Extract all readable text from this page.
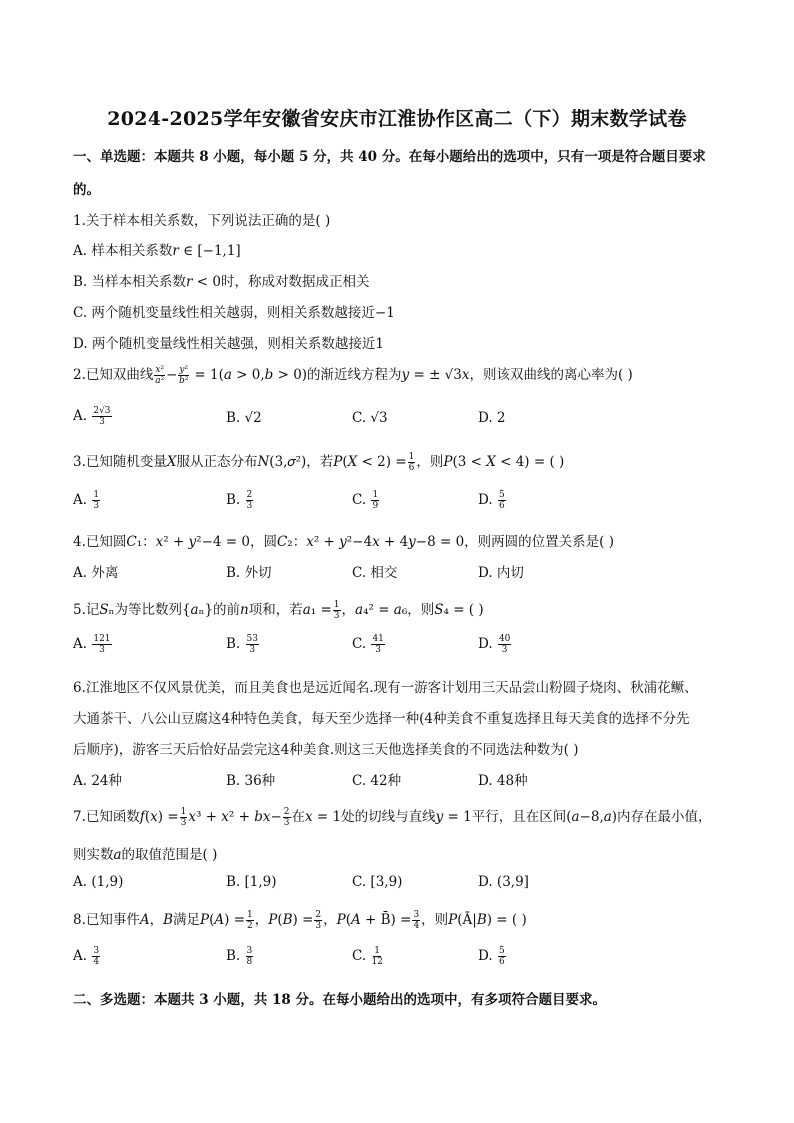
2024-2025学年安徽省安庆市江淮协作区高二（下）期末数学试卷
一、单选题：本题共 8 小题，每小题 5 分，共 40 分。在每小题给出的选项中，只有一项是符合题目要求
的。
1.关于样本相关系数，下列说法正确的是( )
A. 样本相关系数𝑟 ∈ [−1,1]
B. 当样本相关系数𝑟 < 0时，称成对数据成正相关
C. 两个随机变量线性相关越弱，则相关系数越接近−1
D. 两个随机变量线性相关越强，则相关系数越接近1
2.已知双曲线 $\frac{\text{𝑥²}}{\text{𝑎²}} - \frac{\text{𝑦²}}{\text{𝑏²}}$ = 1(𝑎 > 0,𝑏 > 0)的渐近线方程为𝑦 = ± √3𝑥，则该双曲线的离心率为( )
A. $\frac{2√3}{3}$	B. √2	C. √3	D. 2
3.已知随机变量𝑋服从正态分布𝑁(3,𝜎²)，若𝑃(𝑋 < $2) = \frac{1}{6}$ ，则𝑃(3 < 𝑋 < 4) = ( )
A. $\frac{1}{3}$	B. $\frac{2}{3}$	C. $\frac{1}{9}$	D. $\frac{5}{6}$
4.已知圆𝐶₁：𝑥² + 𝑦²−4 = 0，圆𝐶₂：𝑥² + 𝑦²−4𝑥 + 4𝑦−8 = 0，则两圆的位置关系是( )
A. 外离	B. 外切	C. 相交	D. 内切
5.记𝑆ₙ为等比数列{𝑎ₙ}的前𝑛项和，若𝑎₁ = $\frac{1}{3}$ ，𝑎₄² = 𝑎₆，则𝑆₄ = ( )
A. $\frac{121}{3}$	B. $\frac{53}{3}$	C. $\frac{41}{3}$	D. $\frac{40}{3}$
6.江淮地区不仅风景优美，而且美食也是远近闻名.现有一游客计划用三天品尝山粉圆子烧肉、秋浦花鳜、
大通茶干、八公山豆腐这4种特色美食，每天至少选择一种(4种美食不重复选择且每天美食的选择不分先
后顺序)，游客三天后恰好品尝完这4种美食.则这三天他选择美食的不同选法种数为( )
A. 24种	B. 36种	C. 42种	D. 48种
7.已知函数𝑓(𝑥) = $\frac{1}{3}$ 𝑥³ + 𝑥² + 𝑏𝑥− $\frac{2}{3}$ 在𝑥 = 1处的切线与直线𝑦 = 1平行，且在区间(𝑎−8,𝑎)内存在最小值，
则实数𝑎的取值范围是( )
A. (1,9)	B. [1,9)	C. [3,9)	D. (3,9]
8.已知事件𝐴，𝐵满足𝑃(𝐴) = $\frac{1}{2}$ ，𝑃(𝐵) = $\frac{2}{3}$ ，𝑃(𝐴 + B̄) = $\frac{3}{4}$ ，则𝑃(Ā|𝐵) = ( )
A. $\frac{3}{4}$	B. $\frac{3}{8}$	C. $\frac{1}{12}$	D. $\frac{5}{6}$
二、多选题：本题共 3 小题，共 18 分。在每小题给出的选项中，有多项符合题目要求。
